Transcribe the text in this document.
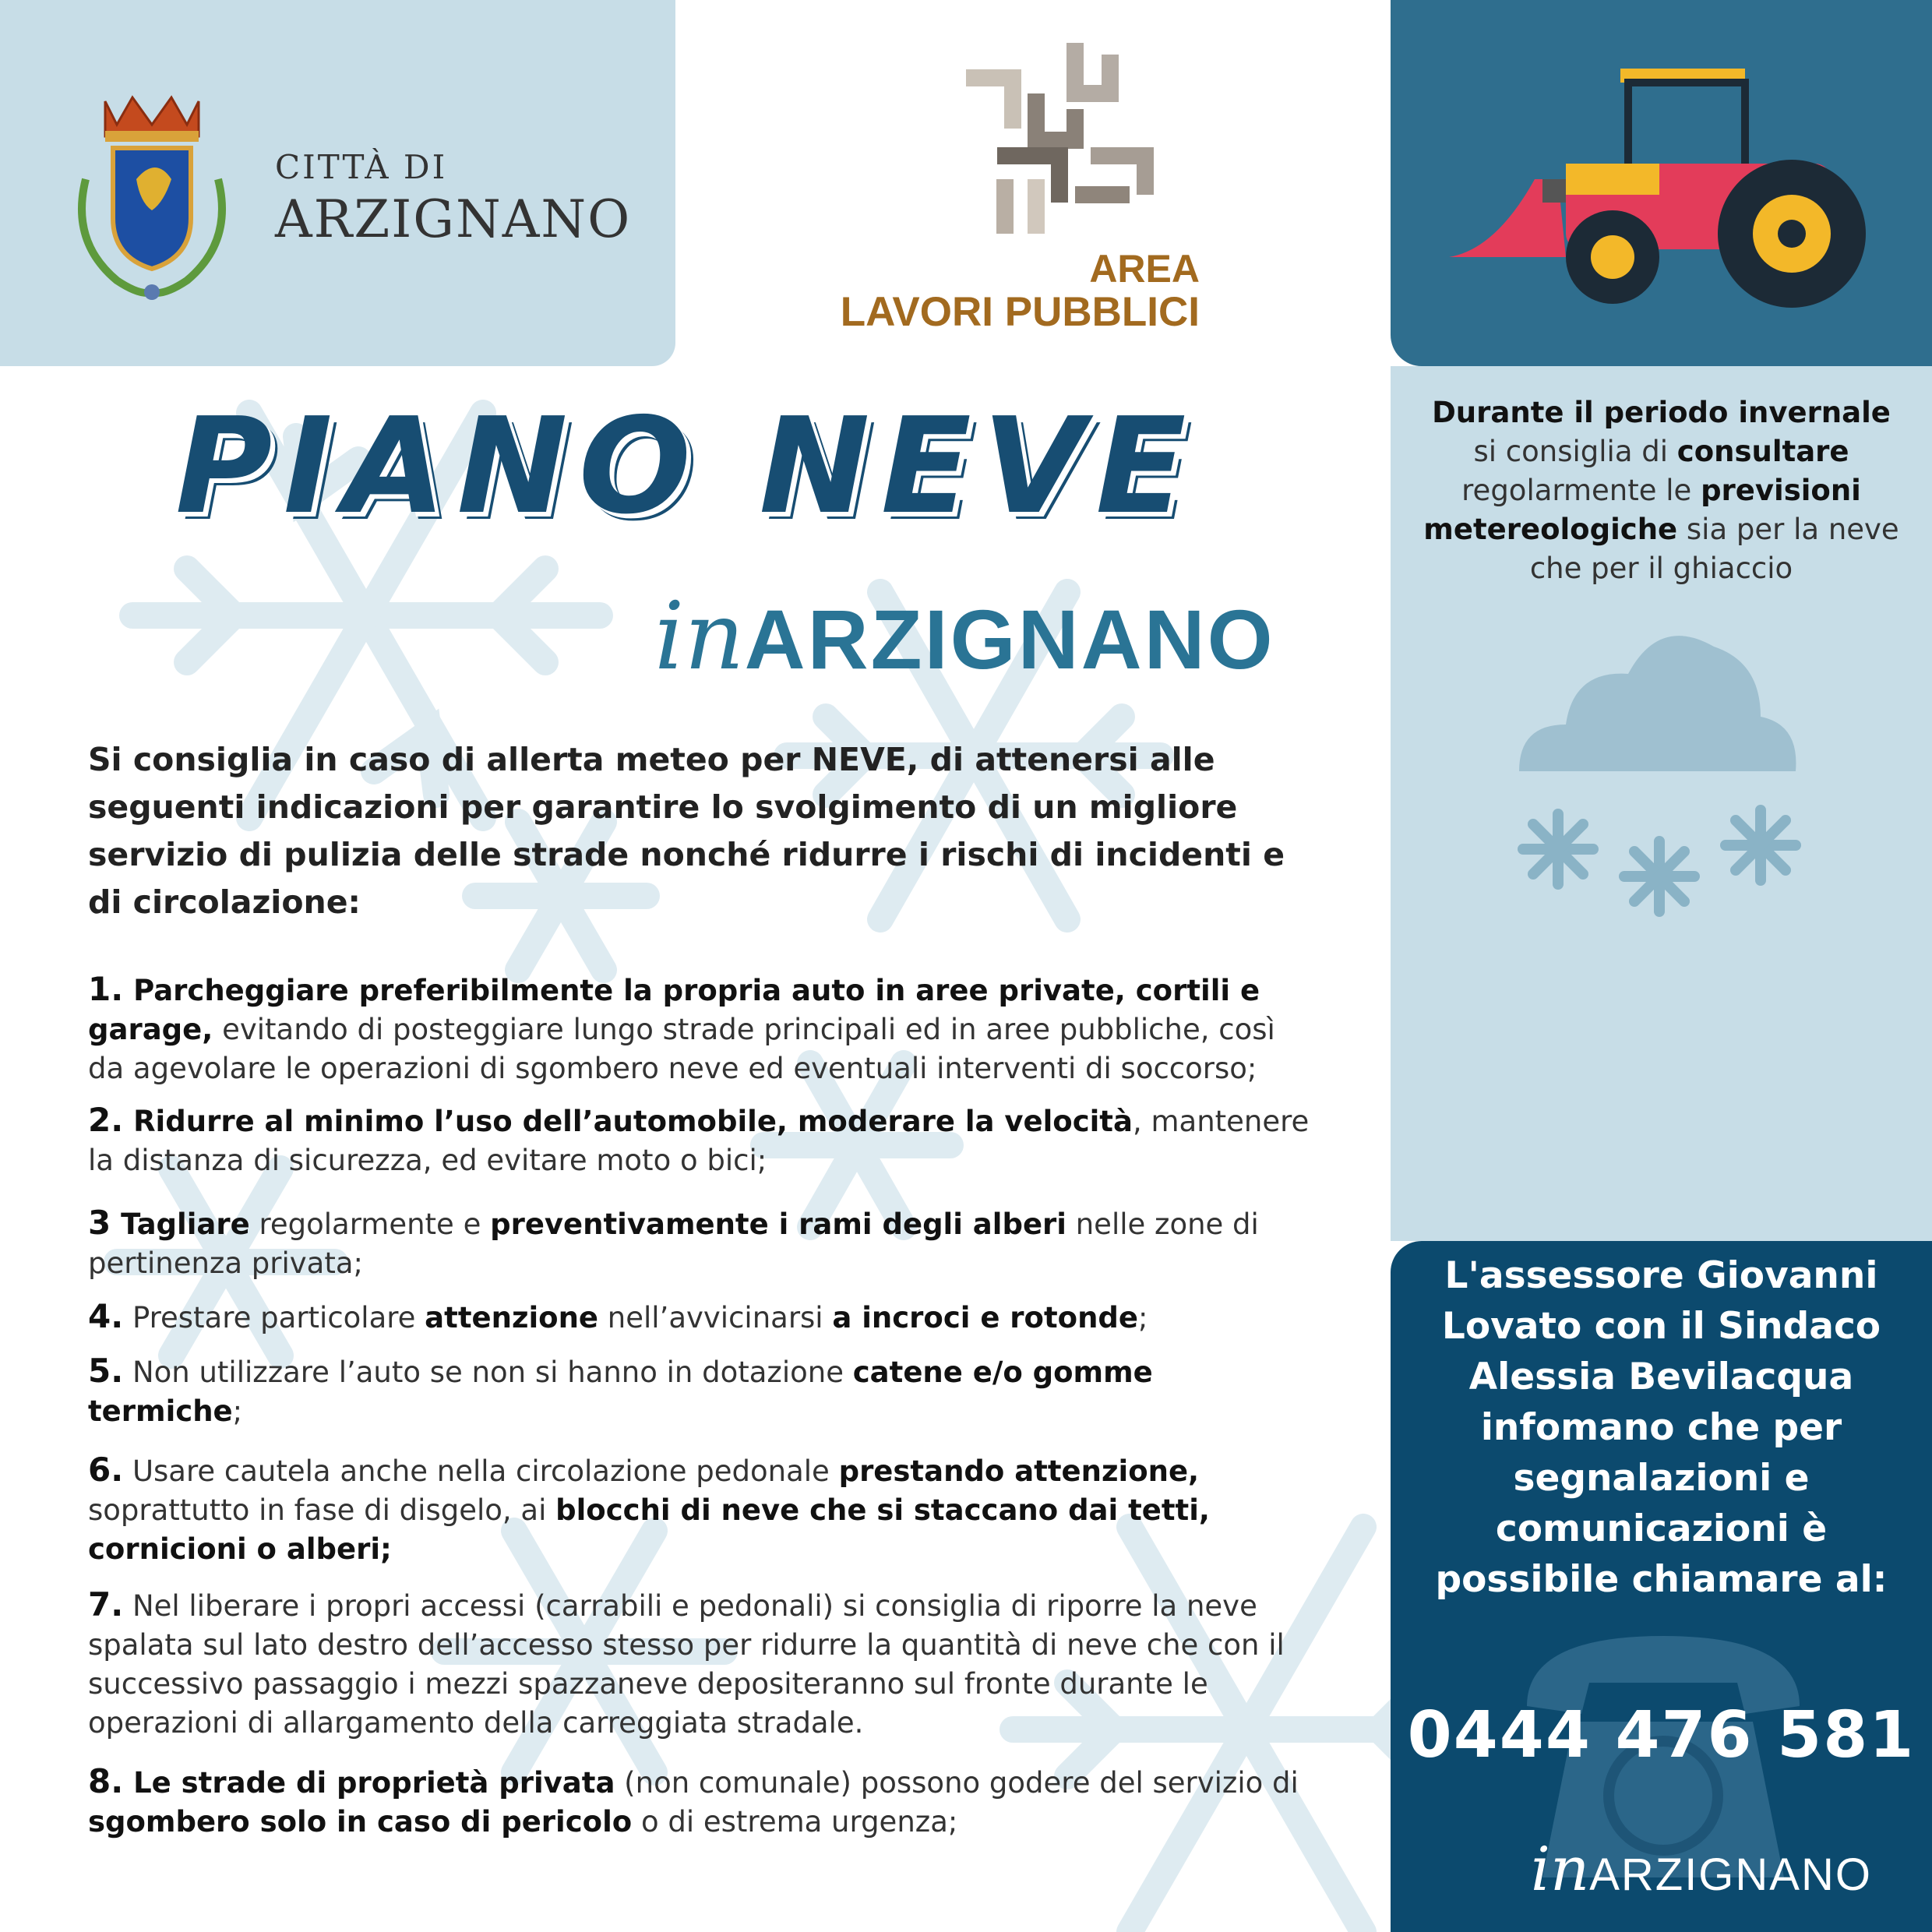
CITTÀ DI
ARZIGNANO
AREA
LAVORI PUBBLICI
PIANO NEVE
inARZIGNANO
Si consiglia in caso di allerta meteo per NEVE, di attenersi alle seguenti indicazioni per garantire lo svolgimento di un migliore servizio di pulizia delle strade nonché ridurre i rischi di incidenti e di circolazione:
1. Parcheggiare preferibilmente la propria auto in aree private, cortili e garage, evitando di posteggiare lungo strade principali ed in aree pubbliche, così da agevolare le operazioni di sgombero neve ed eventuali interventi di soccorso;
2. Ridurre al minimo l’uso dell’automobile, moderare la velocità, mantenere la distanza di sicurezza, ed evitare moto o bici;
3 Tagliare regolarmente e preventivamente i rami degli alberi nelle zone di pertinenza privata;
4. Prestare particolare attenzione nell’avvicinarsi a incroci e rotonde;
5. Non utilizzare l’auto se non si hanno in dotazione catene e/o gomme termiche;
6. Usare cautela anche nella circolazione pedonale prestando attenzione, soprattutto in fase di disgelo, ai blocchi di neve che si staccano dai tetti, cornicioni o alberi;
7. Nel liberare i propri accessi (carrabili e pedonali) si consiglia di riporre la neve spalata sul lato destro dell’accesso stesso per ridurre la quantità di neve che con il successivo passaggio i mezzi spazzaneve depositeranno sul fronte durante le operazioni di allargamento della carreggiata stradale.
8. Le strade di proprietà privata (non comunale) possono godere del servizio di sgombero solo in caso di pericolo o di estrema urgenza;
Durante il periodo invernale si consiglia di consultare regolarmente le previsioni metereologiche sia per la neve che per il ghiaccio
L'assessore Giovanni Lovato con il Sindaco Alessia Bevilacqua infomano che per segnalazioni e comunicazioni è possibile chiamare al:
0444 476 581
inARZIGNANO
